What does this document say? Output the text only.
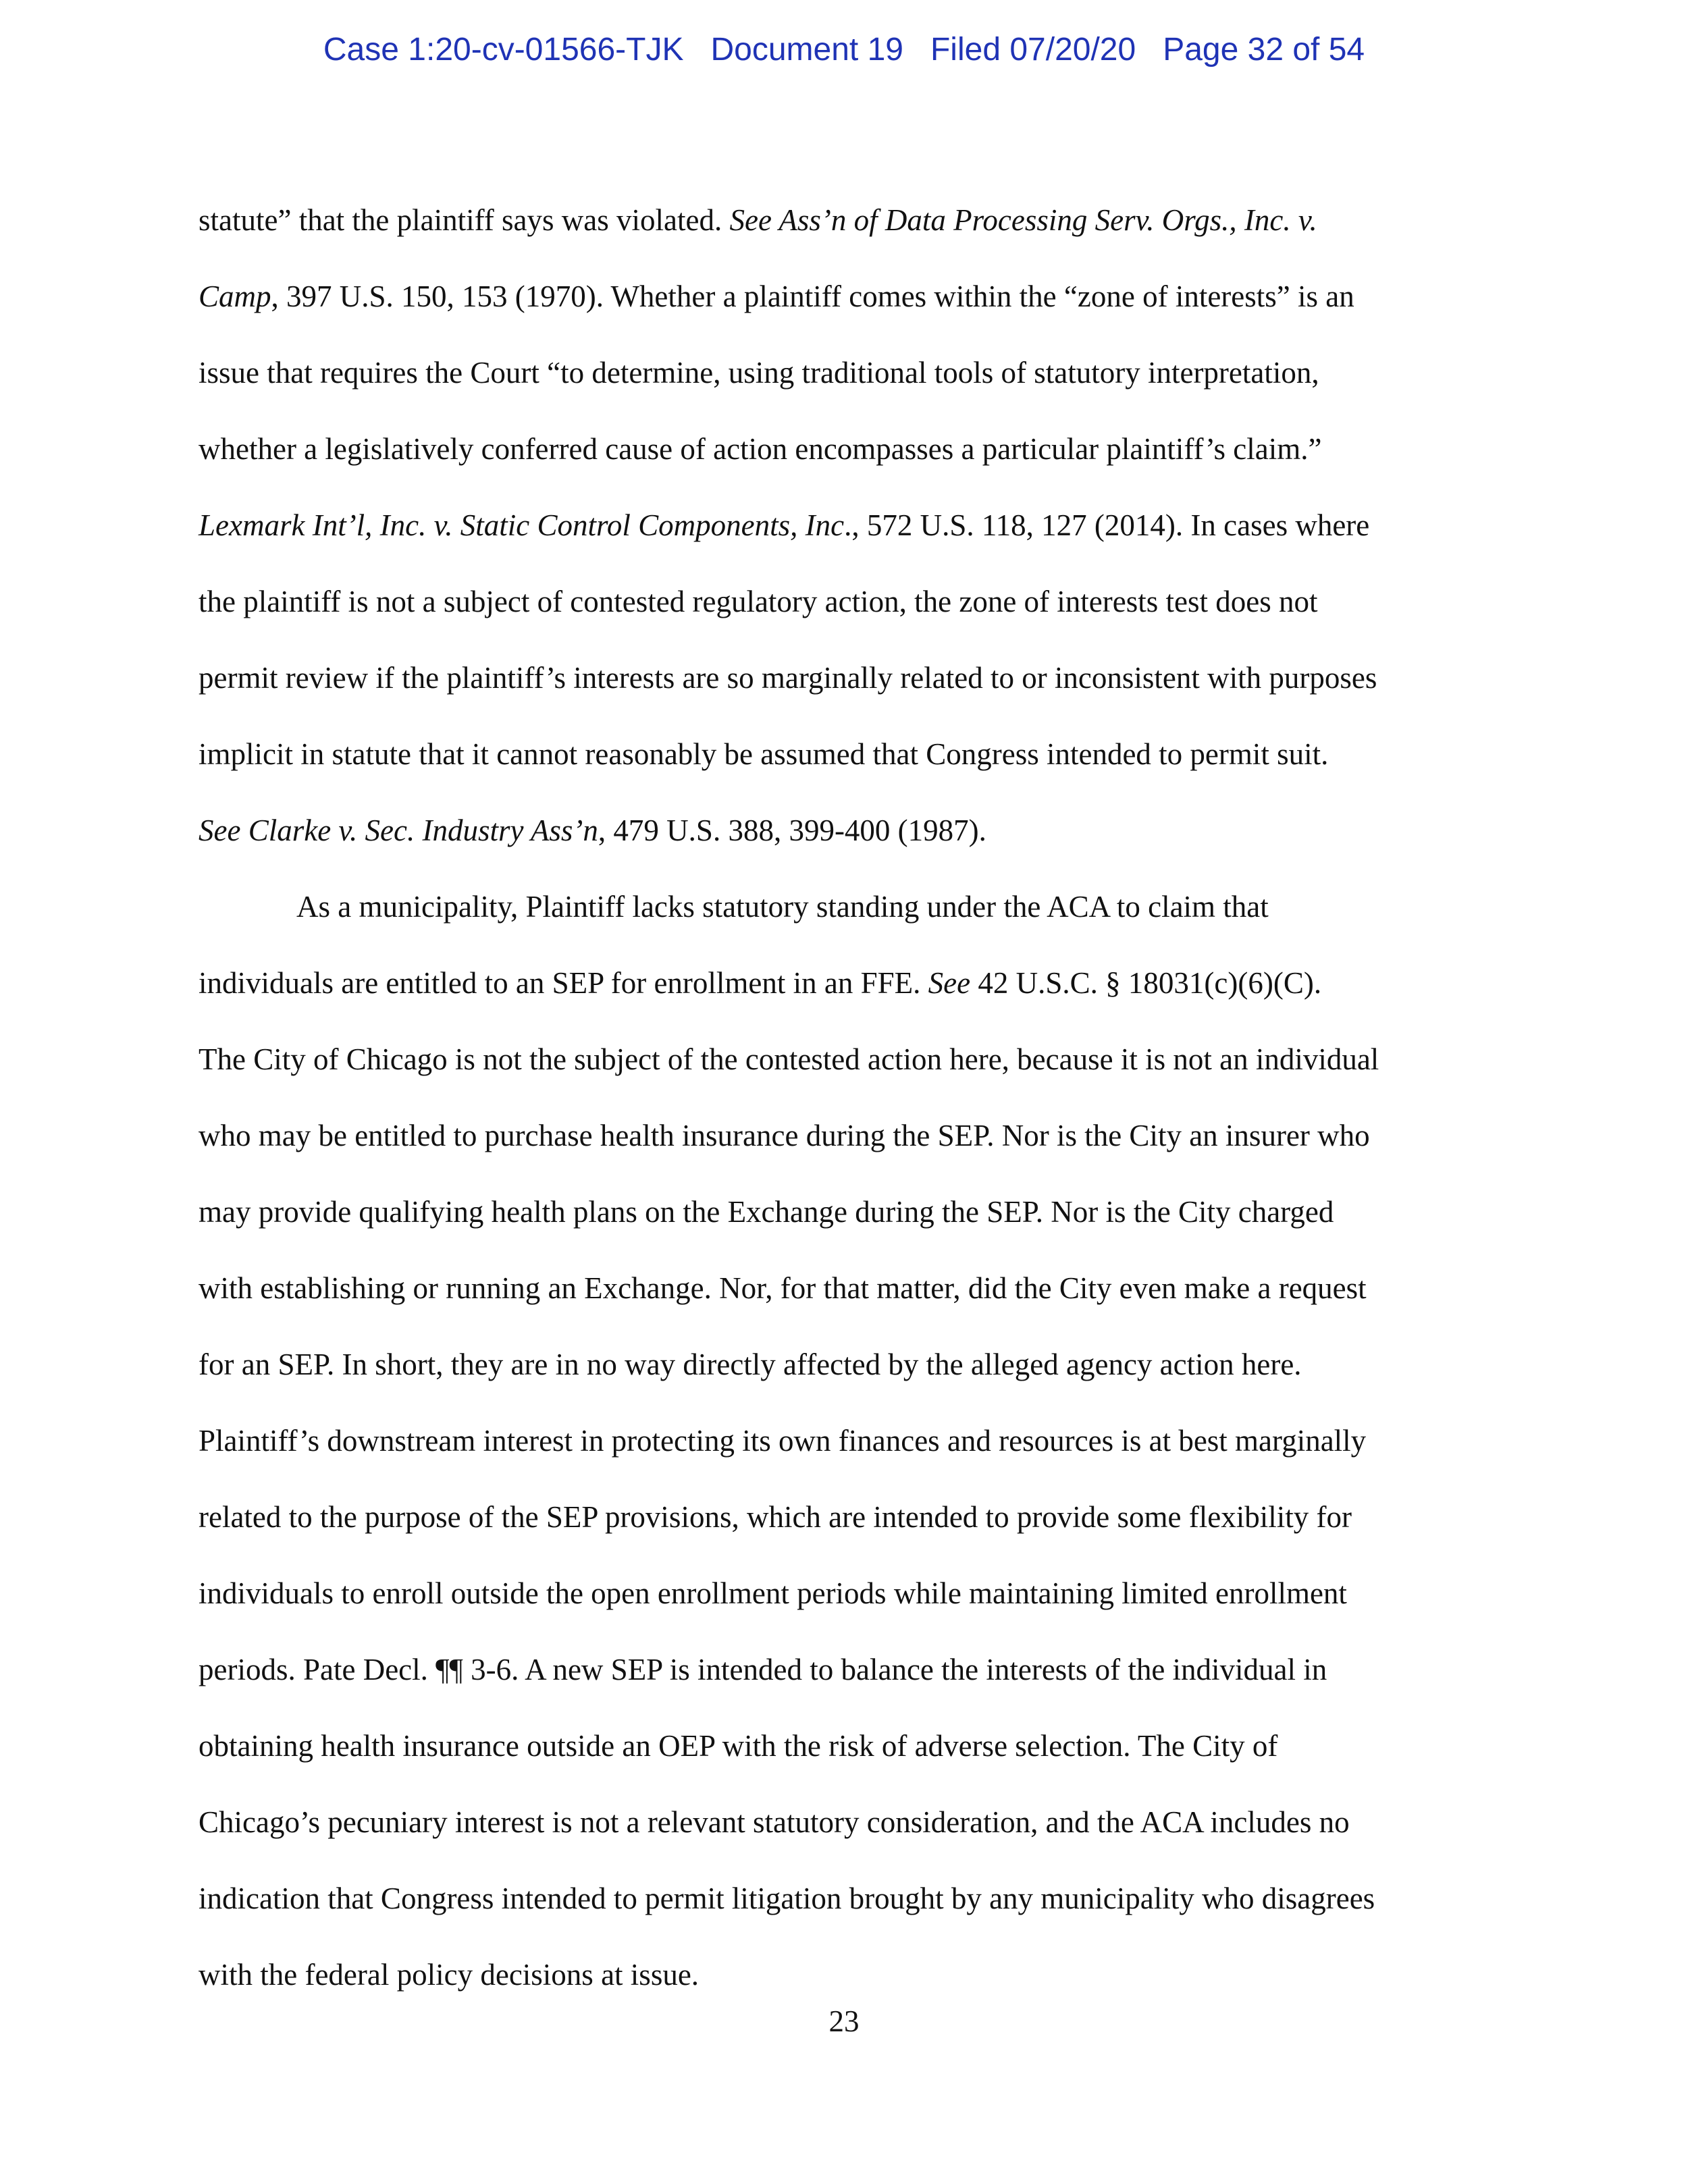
Case 1:20-cv-01566-TJK Document 19 Filed 07/20/20 Page 32 of 54
statute” that the plaintiff says was violated. See Ass’n of Data Processing Serv. Orgs., Inc. v.
Camp, 397 U.S. 150, 153 (1970). Whether a plaintiff comes within the “zone of interests” is an
issue that requires the Court “to determine, using traditional tools of statutory interpretation,
whether a legislatively conferred cause of action encompasses a particular plaintiff’s claim.”
Lexmark Int’l, Inc. v. Static Control Components, Inc., 572 U.S. 118, 127 (2014). In cases where
the plaintiff is not a subject of contested regulatory action, the zone of interests test does not
permit review if the plaintiff’s interests are so marginally related to or inconsistent with purposes
implicit in statute that it cannot reasonably be assumed that Congress intended to permit suit.
See Clarke v. Sec. Industry Ass’n, 479 U.S. 388, 399-400 (1987).
As a municipality, Plaintiff lacks statutory standing under the ACA to claim that
individuals are entitled to an SEP for enrollment in an FFE. See 42 U.S.C. § 18031(c)(6)(C).
The City of Chicago is not the subject of the contested action here, because it is not an individual
who may be entitled to purchase health insurance during the SEP. Nor is the City an insurer who
may provide qualifying health plans on the Exchange during the SEP. Nor is the City charged
with establishing or running an Exchange. Nor, for that matter, did the City even make a request
for an SEP. In short, they are in no way directly affected by the alleged agency action here.
Plaintiff’s downstream interest in protecting its own finances and resources is at best marginally
related to the purpose of the SEP provisions, which are intended to provide some flexibility for
individuals to enroll outside the open enrollment periods while maintaining limited enrollment
periods. Pate Decl. ¶¶ 3-6. A new SEP is intended to balance the interests of the individual in
obtaining health insurance outside an OEP with the risk of adverse selection. The City of
Chicago’s pecuniary interest is not a relevant statutory consideration, and the ACA includes no
indication that Congress intended to permit litigation brought by any municipality who disagrees
with the federal policy decisions at issue.
23
